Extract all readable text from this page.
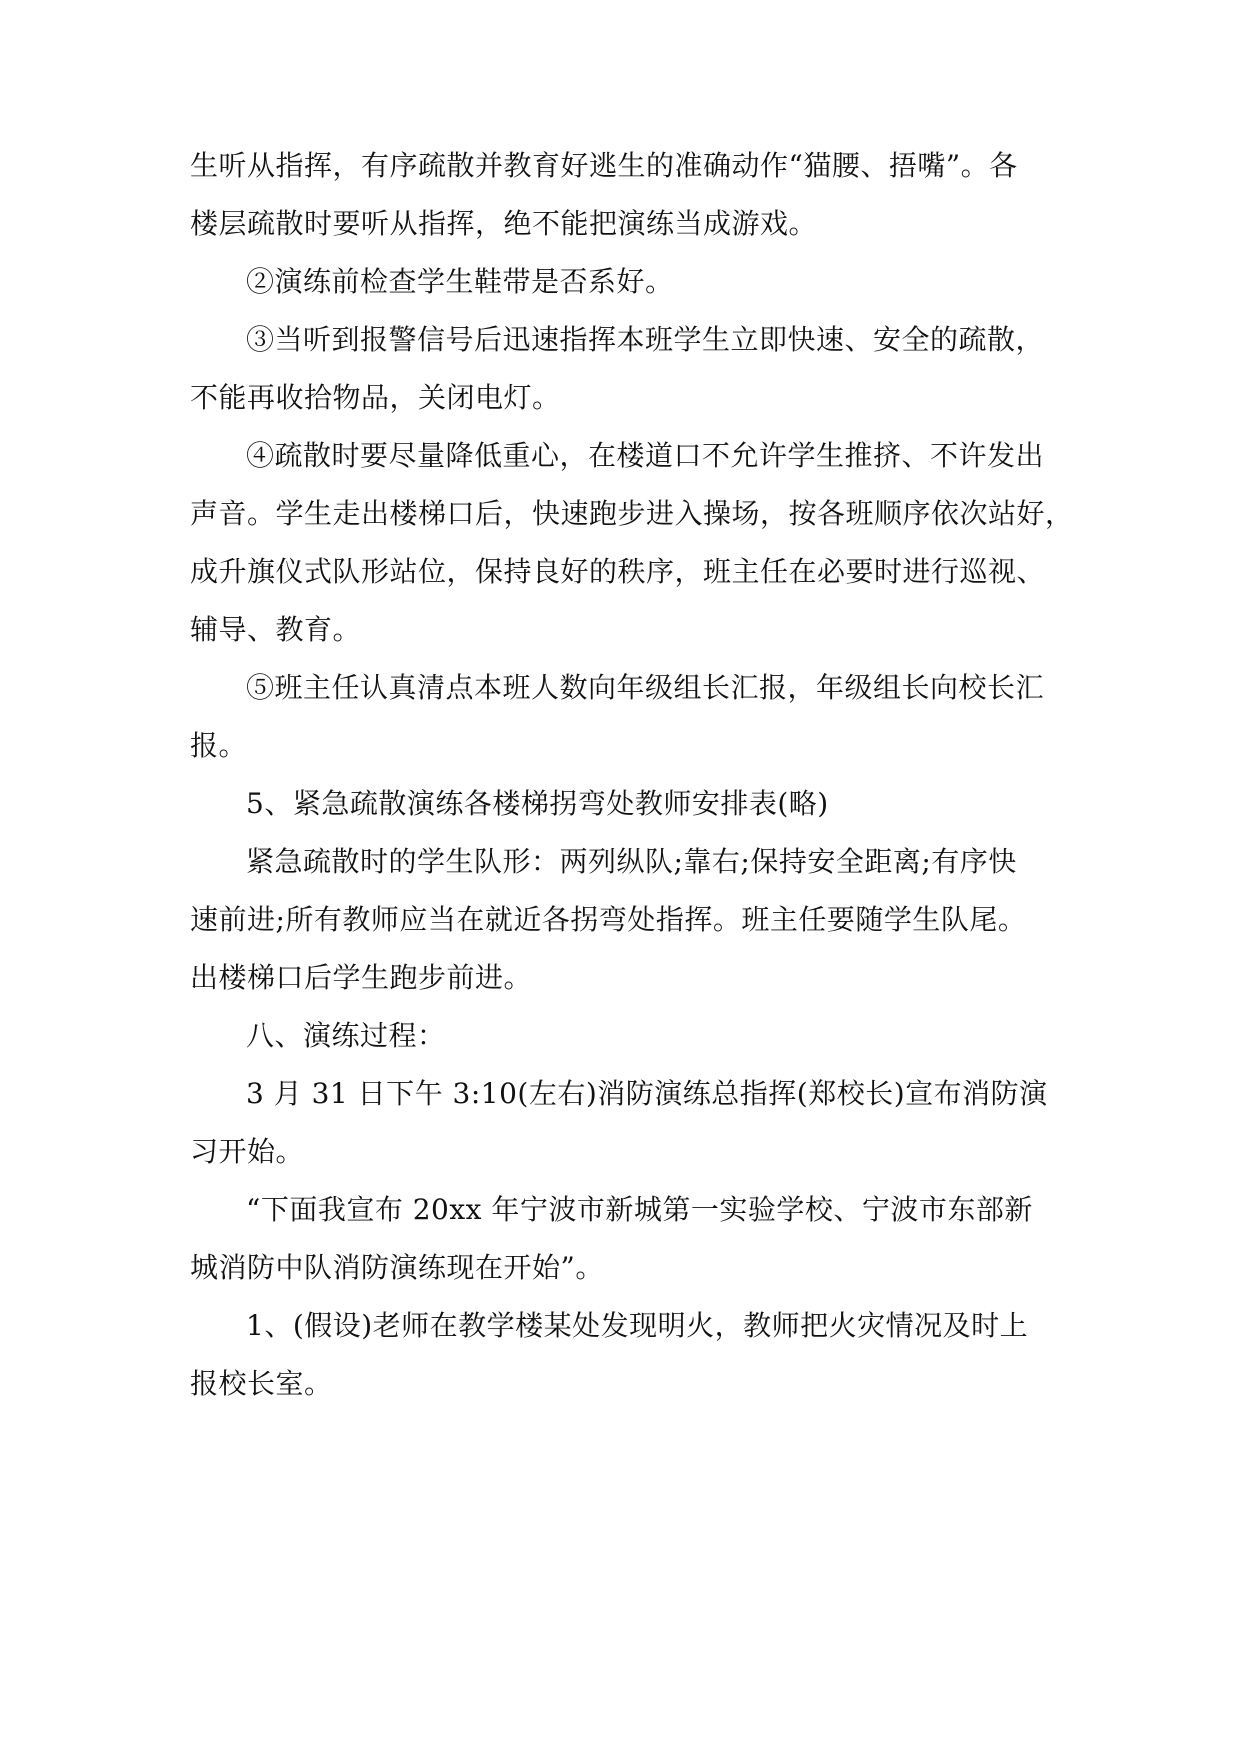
生听从指挥，有序疏散并教育好逃生的准确动作“猫腰、捂嘴”。各
楼层疏散时要听从指挥，绝不能把演练当成游戏。
②演练前检查学生鞋带是否系好。
③当听到报警信号后迅速指挥本班学生立即快速、安全的疏散，
不能再收拾物品，关闭电灯。
④疏散时要尽量降低重心，在楼道口不允许学生推挤、不许发出
声音。学生走出楼梯口后，快速跑步进入操场，按各班顺序依次站好，
成升旗仪式队形站位，保持良好的秩序，班主任在必要时进行巡视、
辅导、教育。
⑤班主任认真清点本班人数向年级组长汇报，年级组长向校长汇
报。
5、紧急疏散演练各楼梯拐弯处教师安排表(略)
紧急疏散时的学生队形：两列纵队;靠右;保持安全距离;有序快
速前进;所有教师应当在就近各拐弯处指挥。班主任要随学生队尾。
出楼梯口后学生跑步前进。
八、演练过程：
3 月 31 日下午 3:10(左右)消防演练总指挥(郑校长)宣布消防演
习开始。
“下面我宣布 20xx 年宁波市新城第一实验学校、宁波市东部新
城消防中队消防演练现在开始”。
1、(假设)老师在教学楼某处发现明火，教师把火灾情况及时上
报校长室。
